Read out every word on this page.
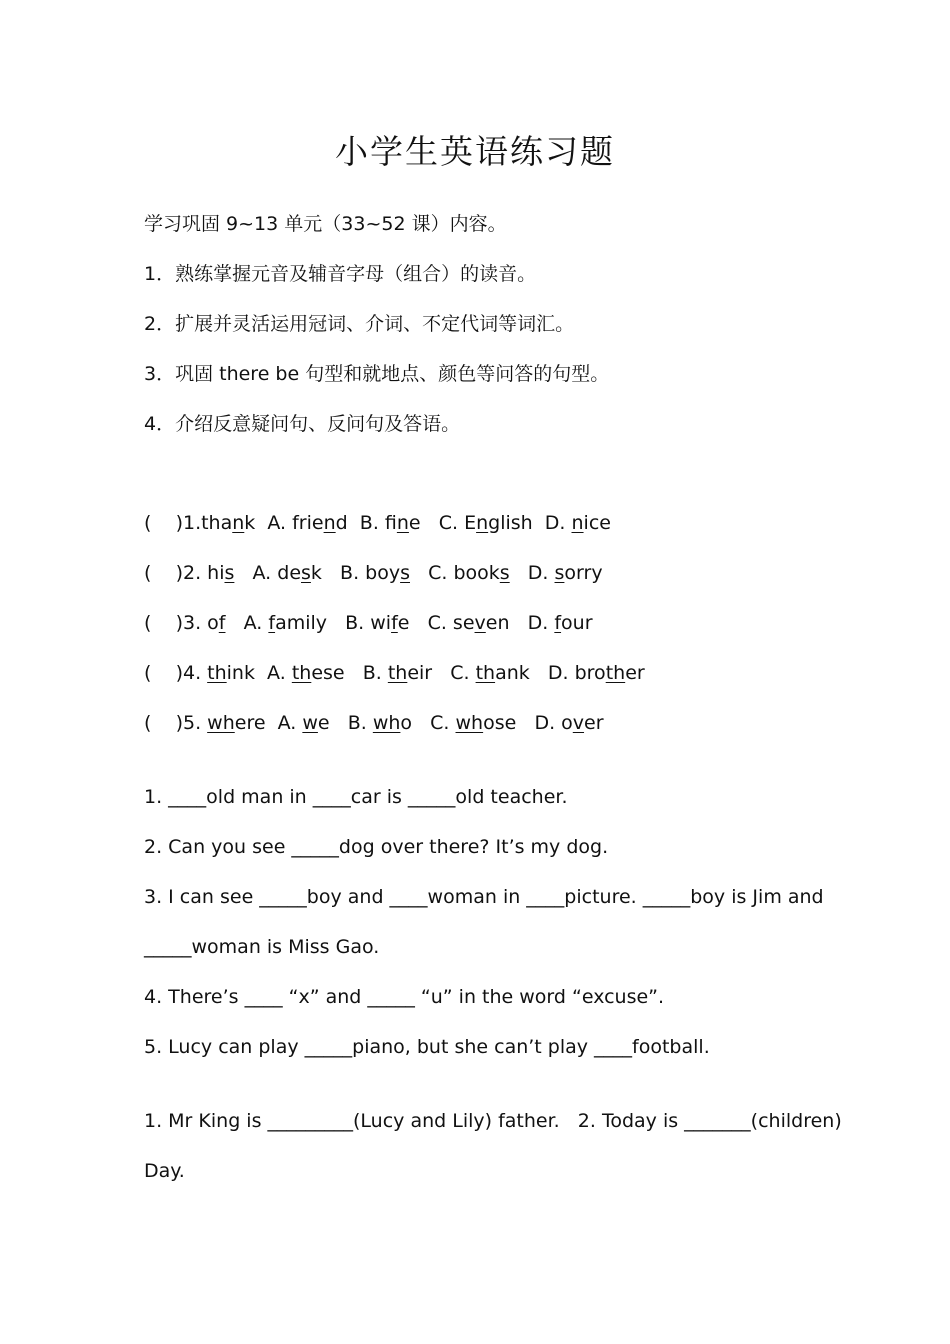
小学生英语练习题
学习巩固 9~13 单元（33~52 课）内容。
1．熟练掌握元音及辅音字母（组合）的读音。
2．扩展并灵活运用冠词、介词、不定代词等词汇。
3．巩固 there be 句型和就地点、颜色等问答的句型。
4．介绍反意疑问句、反问句及答语。
(    )1.thank  A. friend  B. fine   C. English  D. nice
(    )2. his   A. desk   B. boys   C. books   D. sorry
(    )3. of   A. family   B. wife   C. seven   D. four
(    )4. think  A. these   B. their   C. thank   D. brother
(    )5. where  A. we   B. who   C. whose   D. over
1. ____old man in ____car is _____old teacher.
2. Can you see _____dog over there? It’s my dog.
3. I can see _____boy and ____woman in ____picture. _____boy is Jim and
_____woman is Miss Gao.
4. There’s ____ “x” and _____ “u” in the word “excuse”.
5. Lucy can play _____piano, but she can’t play ____football.
1. Mr King is _________(Lucy and Lily) father.   2. Today is _______(children)
Day.
